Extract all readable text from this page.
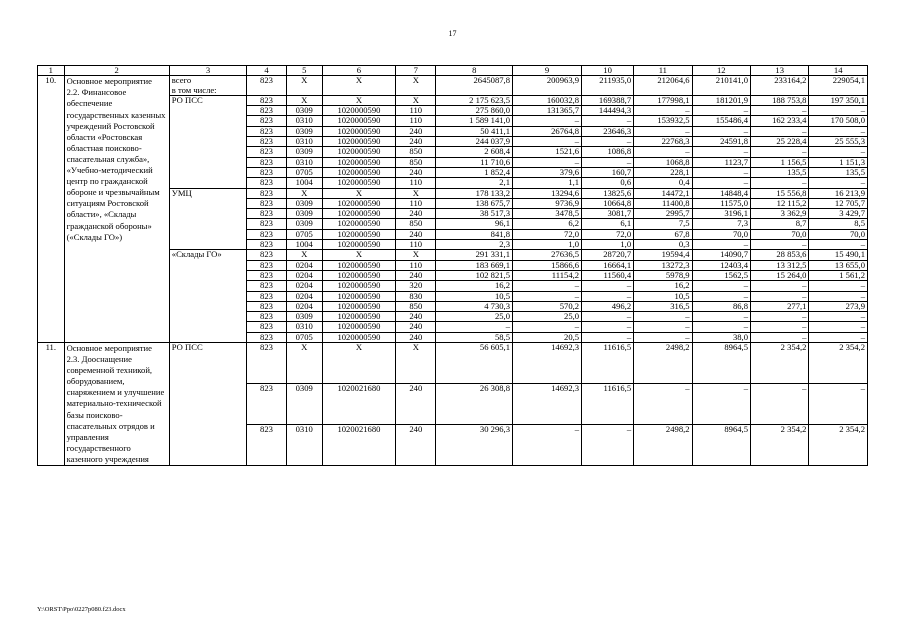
17
1	2	3	4	5	6	7	8	9	10	11	12	13	14
10.	Основное мероприятие 2.2. Финансовое обеспечение государственных казенных учреждений Ростовской области «Ростовская областная поисково-спасательная служба», «Учебно-методический центр по гражданской обороне и чрезвычайным ситуациям Ростовской области», «Склады гражданской обороны» («Склады ГО»)	всего
в том числе:	823	Х	Х	Х	2645087,8	200963,9	211935,0	212064,6	210141,0	233164,2	229054,1
		РО ПСС	823	Х	Х	Х	2 175 623,5	160032,8	169388,7	177998,1	181201,9	188 753,8	197 350,1
			823	0309	1020000590	110	275 860,0	131365,7	144494,3	–	–	–	–
			823	0310	1020000590	110	1 589 141,0	–	–	153932,5	155486,4	162 233,4	170 508,0
			823	0309	1020000590	240	50 411,1	26764,8	23646,3	–	–	–	–
			823	0310	1020000590	240	244 037,9	–	–	22768,3	24591,8	25 228,4	25 555,3
			823	0309	1020000590	850	2 608,4	1521,6	1086,8	–	–	–	–
			823	0310	1020000590	850	11 710,6	–	–	1068,8	1123,7	1 156,5	1 151,3
			823	0705	1020000590	240	1 852,4	379,6	160,7	228,1	–	135,5	135,5
			823	1004	1020000590	110	2,1	1,1	0,6	0,4	–	–	–
		УМЦ	823	Х	Х	Х	178 133,2	13294,6	13825,6	14472,1	14848,4	15 556,8	16 213,9
			823	0309	1020000590	110	138 675,7	9736,9	10664,8	11400,8	11575,0	12 115,2	12 705,7
			823	0309	1020000590	240	38 517,3	3478,5	3081,7	2995,7	3196,1	3 362,9	3 429,7
			823	0309	1020000590	850	96,1	6,2	6,1	7,5	7,3	8,7	8,5
			823	0705	1020000590	240	841,8	72,0	72,0	67,8	70,0	70,0	70,0
			823	1004	1020000590	110	2,3	1,0	1,0	0,3	–	–	–
		«Склады ГО»	823	Х	Х	Х	291 331,1	27636,5	28720,7	19594,4	14090,7	28 853,6	15 490,1
			823	0204	1020000590	110	183 669,1	15866,6	16664,1	13272,3	12403,4	13 312,5	13 655,0
			823	0204	1020000590	240	102 821,5	11154,2	11560,4	5978,9	1562,5	15 264,0	1 561,2
			823	0204	1020000590	320	16,2	–	–	16,2	–	–	–
			823	0204	1020000590	830	10,5	–	–	10,5	–	–	–
			823	0204	1020000590	850	4 730,3	570,2	496,2	316,5	86,8	277,1	273,9
			823	0309	1020000590	240	25,0	25,0	–	–	–	–	–
			823	0310	1020000590	240	–	–	–	–	–	–	–
			823	0705	1020000590	240	58,5	20,5	–	–	38,0	–	–
11.	Основное мероприятие 2.3. Дооснащение современной техникой, оборудованием, снаряжением и улучшение материально-технической базы поисково-спасательных отрядов и управления государственного казенного учреждения	РО ПСС	823	Х	Х	Х	56 605,1	14692,3	11616,5	2498,2	8964,5	2 354,2	2 354,2
			823	0309	1020021680	240	26 308,8	14692,3	11616,5	–	–	–	–
			823	0310	1020021680	240	30 296,3	–	–	2498,2	8964,5	2 354,2	2 354,2
Y:\ORST\Ppo\0227p080.f23.docx
